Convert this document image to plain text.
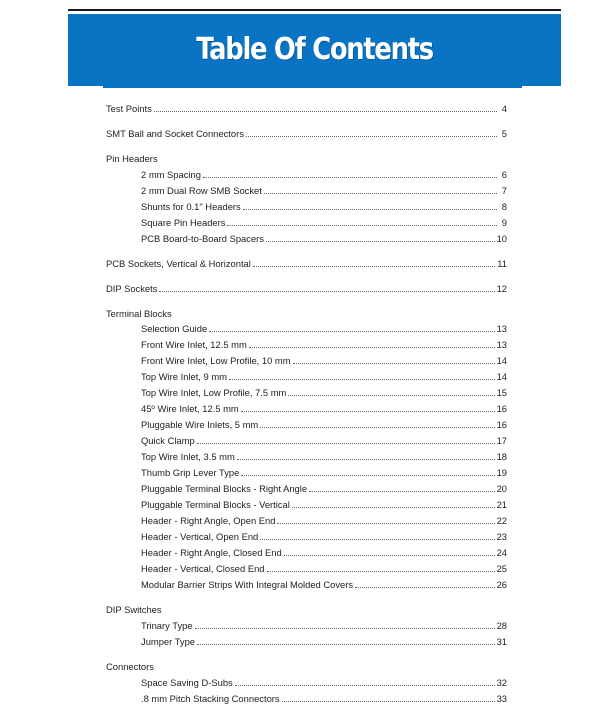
Table Of Contents
Test Points	4
SMT Ball and Socket Connectors	5
Pin Headers
2 mm Spacing	6
2 mm Dual Row SMB Socket	7
Shunts for 0.1" Headers	8
Square Pin Headers	9
PCB Board-to-Board Spacers	10
PCB Sockets, Vertical & Horizontal	11
DIP Sockets	12
Terminal Blocks
Selection Guide	13
Front Wire Inlet, 12.5 mm	13
Front Wire Inlet, Low Profile, 10 mm	14
Top Wire Inlet, 9 mm	14
Top Wire Inlet, Low Profile, 7.5 mm	15
45º Wire Inlet, 12.5 mm	16
Pluggable Wire Inlets, 5 mm	16
Quick Clamp	17
Top Wire Inlet, 3.5 mm	18
Thumb Grip Lever Type	19
Pluggable Terminal Blocks - Right Angle	20
Pluggable Terminal Blocks - Vertical	21
Header - Right Angle, Open End	22
Header - Vertical, Open End	23
Header - Right Angle, Closed End	24
Header - Vertical, Closed End	25
Modular Barrier Strips With Integral Molded Covers	26
DIP Switches
Trinary Type	28
Jumper Type	31
Connectors
Space Saving D-Subs	32
.8 mm Pitch Stacking Connectors	33
